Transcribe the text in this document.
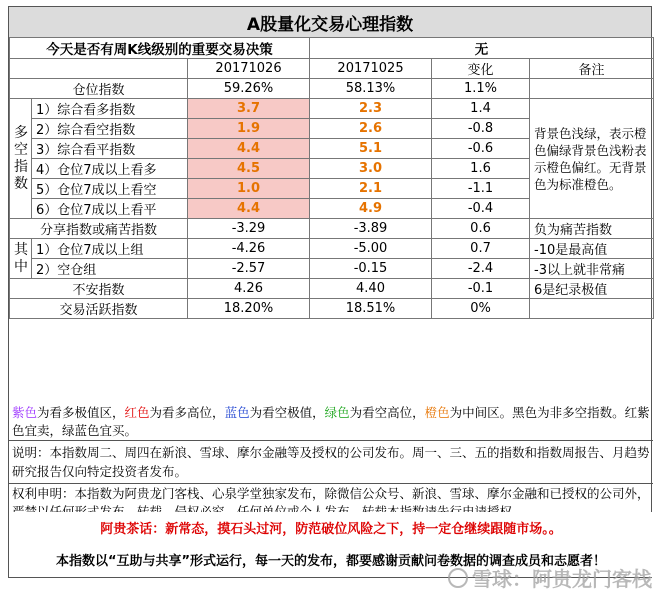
A股量化交易心理指数
今天是否有周K线级别的重要交易决策			无		
		20171026	20171025	变化	备注
仓位指数		59.26%	58.13%	1.1%	
多空指数	1）综合看多指数	3.7	2.3	1.4	背景色浅绿，表示橙色偏绿背景色浅粉表示橙色偏红。无背景色为标准橙色。
	2）综合看空指数	1.9	2.6	-0.8	
	3）综合看平指数	4.4	5.1	-0.6	
	4）仓位7成以上看多	4.5	3.0	1.6	
	5）仓位7成以上看空	1.0	2.1	-1.1	
	6）仓位7成以上看平	4.4	4.9	-0.4	
分享指数或痛苦指数		-3.29	-3.89	0.6	负为痛苦指数
其中	1）仓位7成以上组	-4.26	-5.00	0.7	-10是最高值
	2）空仓组	-2.57	-0.15	-2.4	-3以上就非常痛
不安指数		4.26	4.40	-0.1	6是纪录极值
交易活跃指数		18.20%	18.51%	0%	
紫色为看多极值区，红色为看多高位，蓝色为看空极值，绿色为看空高位，橙色为中间区。黑色为非多空指数。红紫色宜卖，绿蓝色宜买。
说明：本指数周二、周四在新浪、雪球、摩尔金融等及授权的公司发布。周一、三、五的指数和指数周报告、月趋势研究报告仅向特定投资者发布。
权利申明：本指数为阿贵龙门客栈、心泉学堂独家发布，除微信公众号、新浪、雪球、摩尔金融和已授权的公司外，
阿贵茶话：新常态，摸石头过河，防范破位风险之下，持一定仓继续跟随市场。。
本指数以“互助与共享”形式运行，每一天的发布，都要感谢贡献问卷数据的调查成员和志愿者！
雪球：阿贵龙门客栈
